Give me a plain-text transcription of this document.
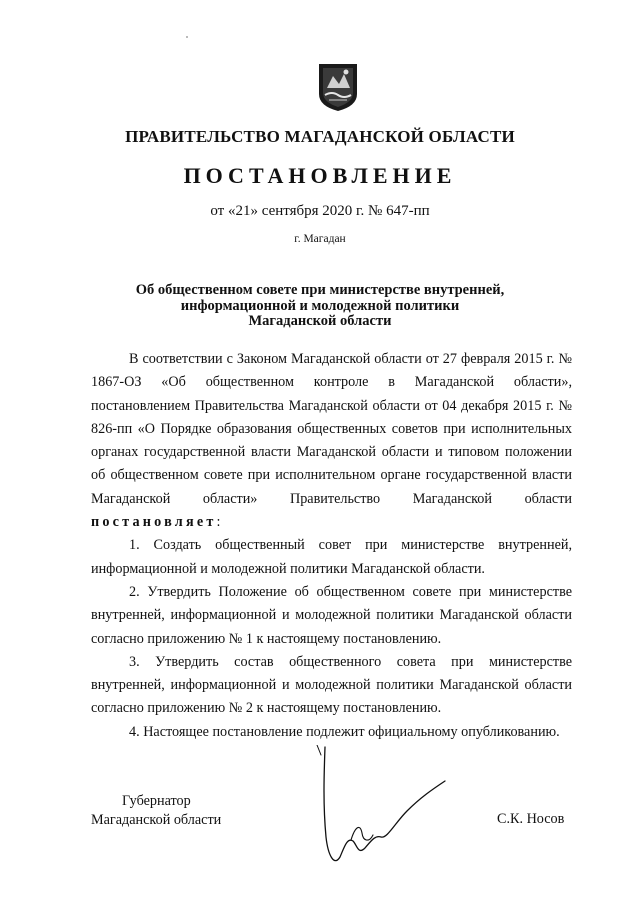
ПРАВИТЕЛЬСТВО МАГАДАНСКОЙ ОБЛАСТИ
ПОСТАНОВЛЕНИЕ
от «21» сентября 2020 г. № 647-пп
г. Магадан
Об общественном совете при министерстве внутренней,
информационной и молодежной политики
Магаданской области

В соответствии с Законом Магаданской области от 27 февраля 2015 г. № 1867-ОЗ «Об общественном контроле в Магаданской области», постановлением Правительства Магаданской области от 04 декабря 2015 г. № 826-пп «О Порядке образования общественных советов при исполнительных органах государственной власти Магаданской области и типовом положении об общественном совете при исполнительном органе государственной власти Магаданской области» Правительство Магаданской области постановляет:

1. Создать общественный совет при министерстве внутренней, информационной и молодежной политики Магаданской области.

2. Утвердить Положение об общественном совете при министерстве внутренней, информационной и молодежной политики Магаданской области согласно приложению № 1 к настоящему постановлению.

3. Утвердить состав общественного совета при министерстве внутренней, информационной и молодежной политики Магаданской области согласно приложению № 2 к настоящему постановлению.

4. Настоящее постановление подлежит официальному опубликованию.

Губернатор
Магаданской области	С.К. Носов
